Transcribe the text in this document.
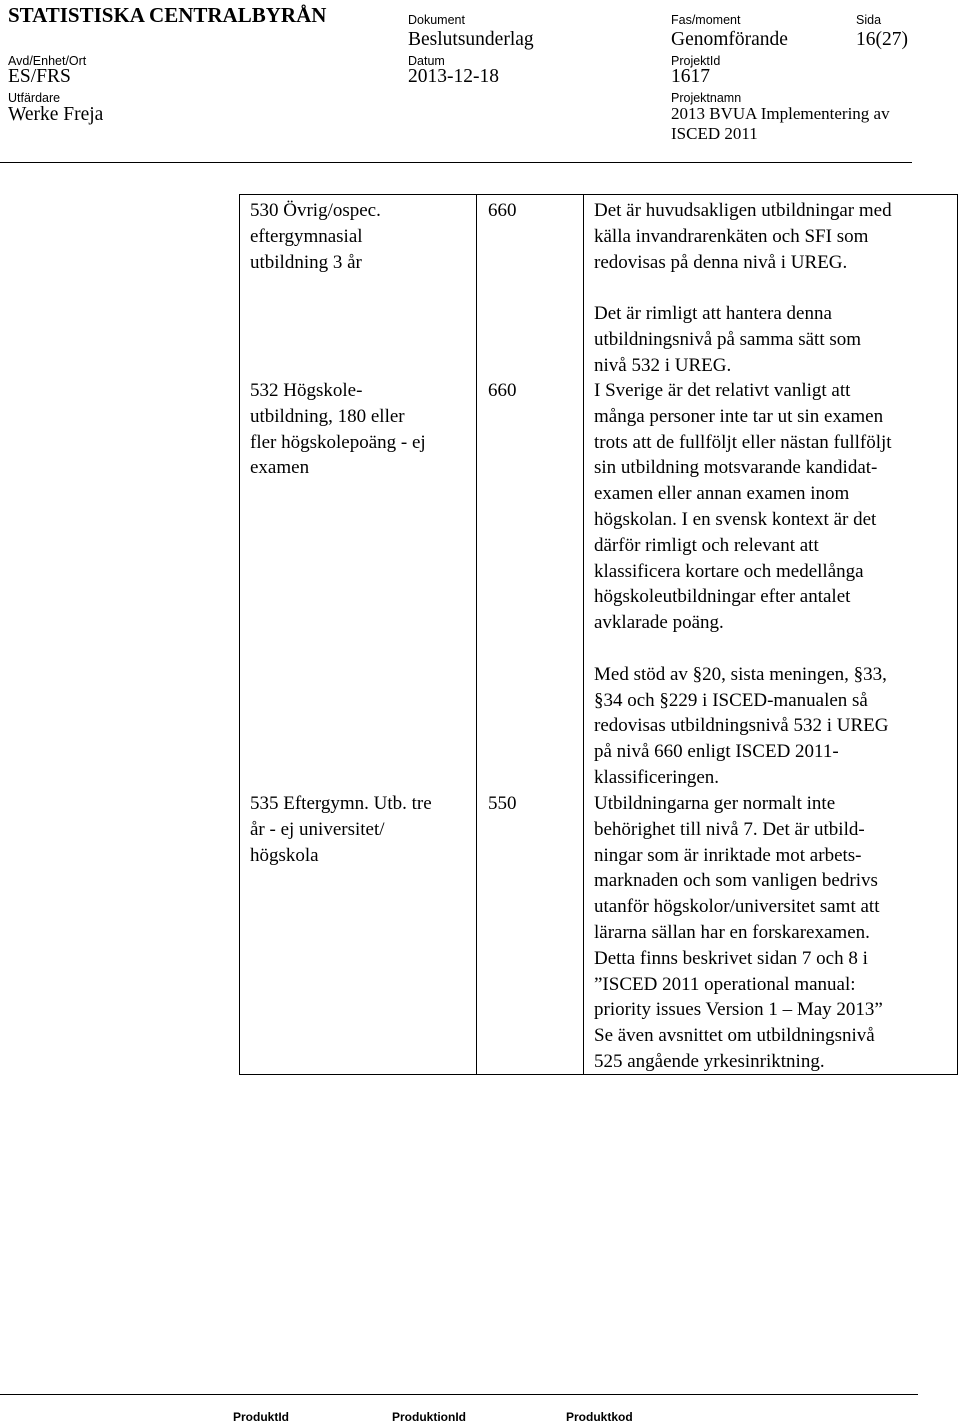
STATISTISKA CENTRALBYRÅN	Dokument
Beslutsunderlag
Fas/moment
Genomförande
Sida
16(27)
Avd/Enhet/Ort
ES/FRS
Datum
2013-12-18
ProjektId
1617
Utfärdare
Werke Freja
Projektnamn
2013 BVUA Implementering av
ISCED 2011
530 Övrig/ospec.
eftergymnasial
utbildning 3 år
660	Det är huvudsakligen utbildningar med
källa invandrarenkäten och SFI som
redovisas på denna nivå i UREG.

Det är rimligt att hantera denna
utbildningsnivå på samma sätt som
nivå 532 i UREG.
532 Högskole-
utbildning, 180 eller
fler högskolepoäng - ej
examen
660	I Sverige är det relativt vanligt att
många personer inte tar ut sin examen
trots att de fullföljt eller nästan fullföljt
sin utbildning motsvarande kandidat-
examen eller annan examen inom
högskolan. I en svensk kontext är det
därför rimligt och relevant att
klassificera kortare och medellånga
högskoleutbildningar efter antalet
avklarade poäng.

Med stöd av §20, sista meningen, §33,
§34 och §229 i ISCED-manualen så
redovisas utbildningsnivå 532 i UREG
på nivå 660 enligt ISCED 2011-
klassificeringen.
535 Eftergymn. Utb. tre
år - ej universitet/
högskola
550	Utbildningarna ger normalt inte
behörighet till nivå 7. Det är utbild-
ningar som är inriktade mot arbets-
marknaden och som vanligen bedrivs
utanför högskolor/universitet samt att
lärarna sällan har en forskarexamen.
Detta finns beskrivet sidan 7 och 8 i
”ISCED 2011 operational manual:
priority issues Version 1 – May 2013”
Se även avsnittet om utbildningsnivå
525 angående yrkesinriktning.
ProduktId	ProduktionId	Produktkod
